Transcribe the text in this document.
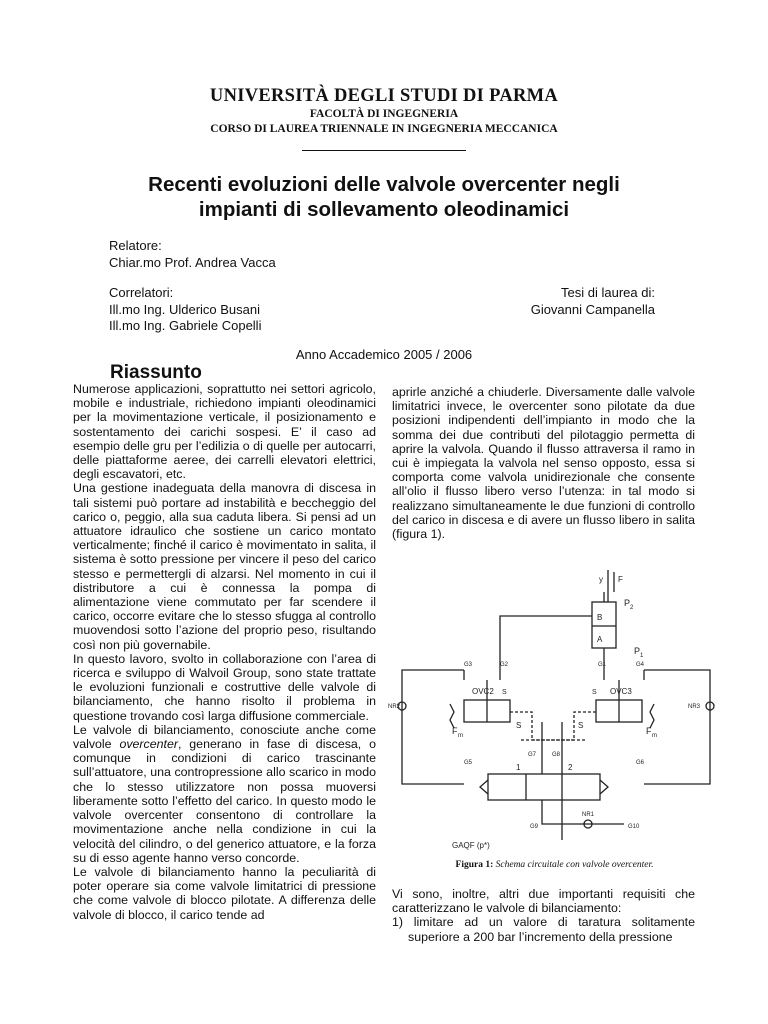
UNIVERSITÀ DEGLI STUDI DI PARMA
FACOLTÀ DI INGEGNERIA
CORSO DI LAUREA TRIENNALE IN INGEGNERIA MECCANICA
Recenti evoluzioni delle valvole overcenter negli
impianti di sollevamento oleodinamici
Relatore:
Chiar.mo Prof. Andrea Vacca
Correlatori:
Ill.mo Ing. Ulderico Busani
Ill.mo Ing. Gabriele Copelli
Tesi di laurea di:
Giovanni Campanella
Anno Accademico 2005 / 2006
Riassunto

Numerose applicazioni, soprattutto nei settori agricolo, mobile e industriale, richiedono impianti oleodinamici per la movimentazione verticale, il posizionamento e sostentamento dei carichi sospesi. E’ il caso ad esempio delle gru per l’edilizia o di quelle per autocarri, delle piattaforme aeree, dei carrelli elevatori elettrici, degli escavatori, etc.

Una gestione inadeguata della manovra di discesa in tali sistemi può portare ad instabilità e beccheggio del carico o, peggio, alla sua caduta libera. Si pensi ad un attuatore idraulico che sostiene un carico montato verticalmente; finché il carico è movimentato in salita, il sistema è sotto pressione per vincere il peso del carico stesso e permettergli di alzarsi. Nel momento in cui il distributore a cui è connessa la pompa di alimentazione viene commutato per far scendere il carico, occorre evitare che lo stesso sfugga al controllo muovendosi sotto l’azione del proprio peso, risultando così non più governabile.

In questo lavoro, svolto in collaborazione con l’area di ricerca e sviluppo di Walvoil Group, sono state trattate le evoluzioni funzionali e costruttive delle valvole di bilanciamento, che hanno risolto il problema in questione trovando così larga diffusione commerciale.

Le valvole di bilanciamento, conosciute anche come valvole overcenter, generano in fase di discesa, o comunque in condizioni di carico trascinante sull’attuatore, una contropressione allo scarico in modo che lo stesso utilizzatore non possa muoversi liberamente sotto l’effetto del carico. In questo modo le valvole overcenter consentono di controllare la movimentazione anche nella condizione in cui la velocità del cilindro, o del generico attuatore, e la forza su di esso agente hanno verso concorde.

Le valvole di bilanciamento hanno la peculiarità di poter operare sia come valvole limitatrici di pressione che come valvole di blocco pilotate. A differenza delle valvole di blocco, il carico tende ad

aprirle anziché a chiuderle. Diversamente dalle valvole limitatrici invece, le overcenter sono pilotate da due posizioni indipendenti dell’impianto in modo che la somma dei due contributi del pilotaggio permetta di aprire la valvola. Quando il flusso attraversa il ramo in cui è impiegata la valvola nel senso opposto, essa si comporta come valvola unidirezionale che consente all’olio il flusso libero verso l’utenza: in tal modo si realizzano simultaneamente le due funzioni di controllo del carico in discesa e di avere un flusso libero in salita (figura 1).

y F
B
A
P 2
P 1
G3	G2	G1	G4
OVC2 S
F m
S
OVC3
S
F m
S
NR2	NR3
G5	G6
G7	G8
1	2
NR1
G9	G10
GAQF (p*)
Figura 1: Schema circuitale con valvole overcenter.

Vi sono, inoltre, altri due importanti requisiti che caratterizzano le valvole di bilanciamento:

1) limitare ad un valore di taratura solitamente superiore a 200 bar l’incremento della pressione
